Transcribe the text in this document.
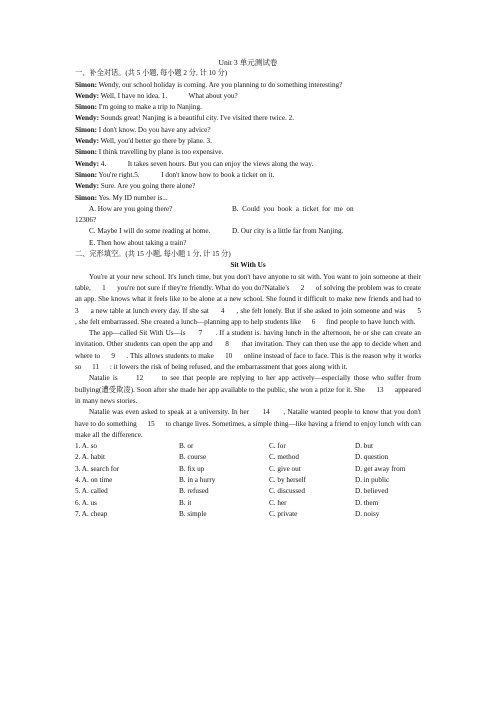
Unit 3 单元测试卷
一、补全对话。(共 5 小题, 每小题 2 分, 计 10 分)
Simon: Wendy, our school holiday is coming. Are you planning to do something interesting?
Wendy: Well, I have no idea. 1.            What about you?
Simon: I'm going to make a trip to Nanjing.
Wendy: Sounds great! Nanjing is a beautiful city. I've visited there twice. 2.
Simon: I don't know. Do you have any advice?
Wendy: Well, you'd better go there by plane. 3.
Simon: I think travelling by plane is too expensive.
Wendy: 4.            It takes seven hours. But you can enjoy the views along the way.
Simon: You're right.5.            I don't know how to book a ticket on it.
Wendy: Sure. Are you going there alone?
Simon: Yes. My ID number is...
A. How are you going there?	B.  Could  you  book  a  ticket  for  me  on
12306?
C. Maybe I will do some reading at home.	D. Our city is a little far from Nanjing.
E. Then how about taking a train?
二、完形填空。(共 15 小题, 每小题 1 分, 计 15 分)
Sit With Us
You're at your new school. It's lunch time, but you don't have anyone to sit with. You want to join someone at their table,      1      you're not sure if they're friendly. What do you do?Natalie's      2      of solving the problem was to create an app. She knows what it feels like to be alone at a new school. She found it difficult to make new friends and had to      3      a new table at lunch every day. If she sat      4      , she felt lonely. But if she asked to join someone and was      5      , she felt embarrassed. She created a lunch—planning app to help students like      6      find people to have lunch with.
The app—called Sit With Us—is      7      . If a student is. having lunch in the afternoon, he or she can create an invitation. Other students can open the app and      8      that invitation. They can then use the app to decide when and where to      9      . This allows students to make      10      online instead of face to face. This is the reason why it works so      11      : it lowers the risk of being refused, and the embarrassment that goes along with it.
Natalie is      12      to see that people are replying to her app actively—especially those who suffer from bullying(遭受欺凌). Soon after she made her app available to the public, she won a prize for it. She      13      appeared in many news stories.
Natalie was even asked to speak at a university. In her      14      , Natalie wanted people to know that you don't have to do something      15      to change lives. Sometimes, a simple thing—like having a friend to enjoy lunch with can make all the difference.
1. A. so	B. or	C. for	D. but
2. A. habit	B. course	C. method	D. question
3. A. search for	B. fix up	C. give out	D. get away from
4. A. on time	B. in a hurry	C. by herself	D. in public
5. A. called	B. refused	C. discussed	D. believed
6. A. us	B. it	C. her	D. them
7. A. cheap	B. simple	C. private	D. noisy
